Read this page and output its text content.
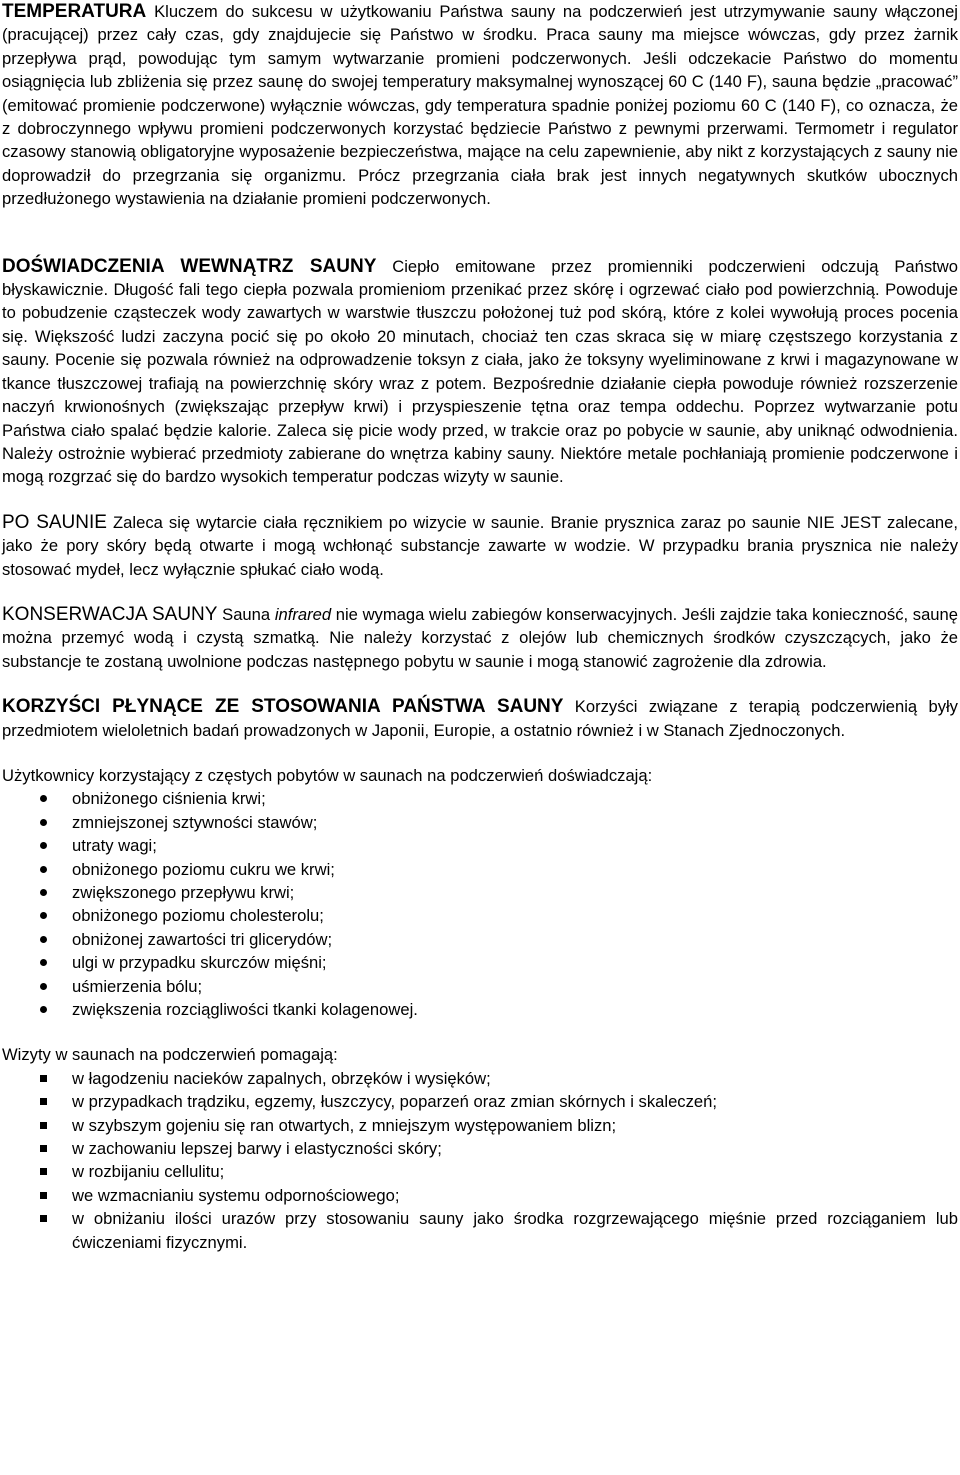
TEMPERATURA Kluczem do sukcesu w użytkowaniu Państwa sauny na podczerwień jest utrzymywanie sauny włączonej (pracującej) przez cały czas, gdy znajdujecie się Państwo w środku. Praca sauny ma miejsce wówczas, gdy przez żarnik przepływa prąd, powodując tym samym wytwarzanie promieni podczerwonych. Jeśli odczekacie Państwo do momentu osiągnięcia lub zbliżenia się przez saunę do swojej temperatury maksymalnej wynoszącej 60 C (140 F), sauna będzie „pracować” (emitować promienie podczerwone) wyłącznie wówczas, gdy temperatura spadnie poniżej poziomu 60 C (140 F), co oznacza, że z dobroczynnego wpływu promieni podczerwonych korzystać będziecie Państwo z pewnymi przerwami. Termometr i regulator czasowy stanowią obligatoryjne wyposażenie bezpieczeństwa, mające na celu zapewnienie, aby nikt z korzystających z sauny nie doprowadził do przegrzania się organizmu. Prócz przegrzania ciała brak jest innych negatywnych skutków ubocznych przedłużonego wystawienia na działanie promieni podczerwonych.

DOŚWIADCZENIA WEWNĄTRZ SAUNY Ciepło emitowane przez promienniki podczerwieni odczują Państwo błyskawicznie. Długość fali tego ciepła pozwala promieniom przenikać przez skórę i ogrzewać ciało pod powierzchnią. Powoduje to pobudzenie cząsteczek wody zawartych w warstwie tłuszczu położonej tuż pod skórą, które z kolei wywołują proces pocenia się. Większość ludzi zaczyna pocić się po około 20 minutach, chociaż ten czas skraca się w miarę częstszego korzystania z sauny. Pocenie się pozwala również na odprowadzenie toksyn z ciała, jako że toksyny wyeliminowane z krwi i magazynowane w tkance tłuszczowej trafiają na powierzchnię skóry wraz z potem. Bezpośrednie działanie ciepła powoduje również rozszerzenie naczyń krwionośnych (zwiększając przepływ krwi) i przyspieszenie tętna oraz tempa oddechu. Poprzez wytwarzanie potu Państwa ciało spalać będzie kalorie. Zaleca się picie wody przed, w trakcie oraz po pobycie w saunie, aby uniknąć odwodnienia. Należy ostrożnie wybierać przedmioty zabierane do wnętrza kabiny sauny. Niektóre metale pochłaniają promienie podczerwone i mogą rozgrzać się do bardzo wysokich temperatur podczas wizyty w saunie.

PO SAUNIE Zaleca się wytarcie ciała ręcznikiem po wizycie w saunie. Branie prysznica zaraz po saunie NIE JEST zalecane, jako że pory skóry będą otwarte i mogą wchłonąć substancje zawarte w wodzie. W przypadku brania prysznica nie należy stosować mydeł, lecz wyłącznie spłukać ciało wodą.

KONSERWACJA SAUNY Sauna infrared nie wymaga wielu zabiegów konserwacyjnych. Jeśli zajdzie taka konieczność, saunę można przemyć wodą i czystą szmatką. Nie należy korzystać z olejów lub chemicznych środków czyszczących, jako że substancje te zostaną uwolnione podczas następnego pobytu w saunie i mogą stanowić zagrożenie dla zdrowia.

KORZYŚCI PŁYNĄCE ZE STOSOWANIA PAŃSTWA SAUNY Korzyści związane z terapią podczerwienią były przedmiotem wieloletnich badań prowadzonych w Japonii, Europie, a ostatnio również i w Stanach Zjednoczonych.

Użytkownicy korzystający z częstych pobytów w saunach na podczerwień doświadczają:

obniżonego ciśnienia krwi;
zmniejszonej sztywności stawów;
utraty wagi;
obniżonego poziomu cukru we krwi;
zwiększonego przepływu krwi;
obniżonego poziomu cholesterolu;
obniżonej zawartości tri glicerydów;
ulgi w przypadku skurczów mięśni;
uśmierzenia bólu;
zwiększenia rozciągliwości tkanki kolagenowej.

Wizyty w saunach na podczerwień pomagają:

w łagodzeniu nacieków zapalnych, obrzęków i wysięków;
w przypadkach trądziku, egzemy, łuszczycy, poparzeń oraz zmian skórnych i skaleczeń;
w szybszym gojeniu się ran otwartych, z mniejszym występowaniem blizn;
w zachowaniu lepszej barwy i elastyczności skóry;
w rozbijaniu cellulitu;
we wzmacnianiu systemu odpornościowego;
w obniżaniu ilości urazów przy stosowaniu sauny jako środka rozgrzewającego mięśnie przed rozciąganiem lub ćwiczeniami fizycznymi.
